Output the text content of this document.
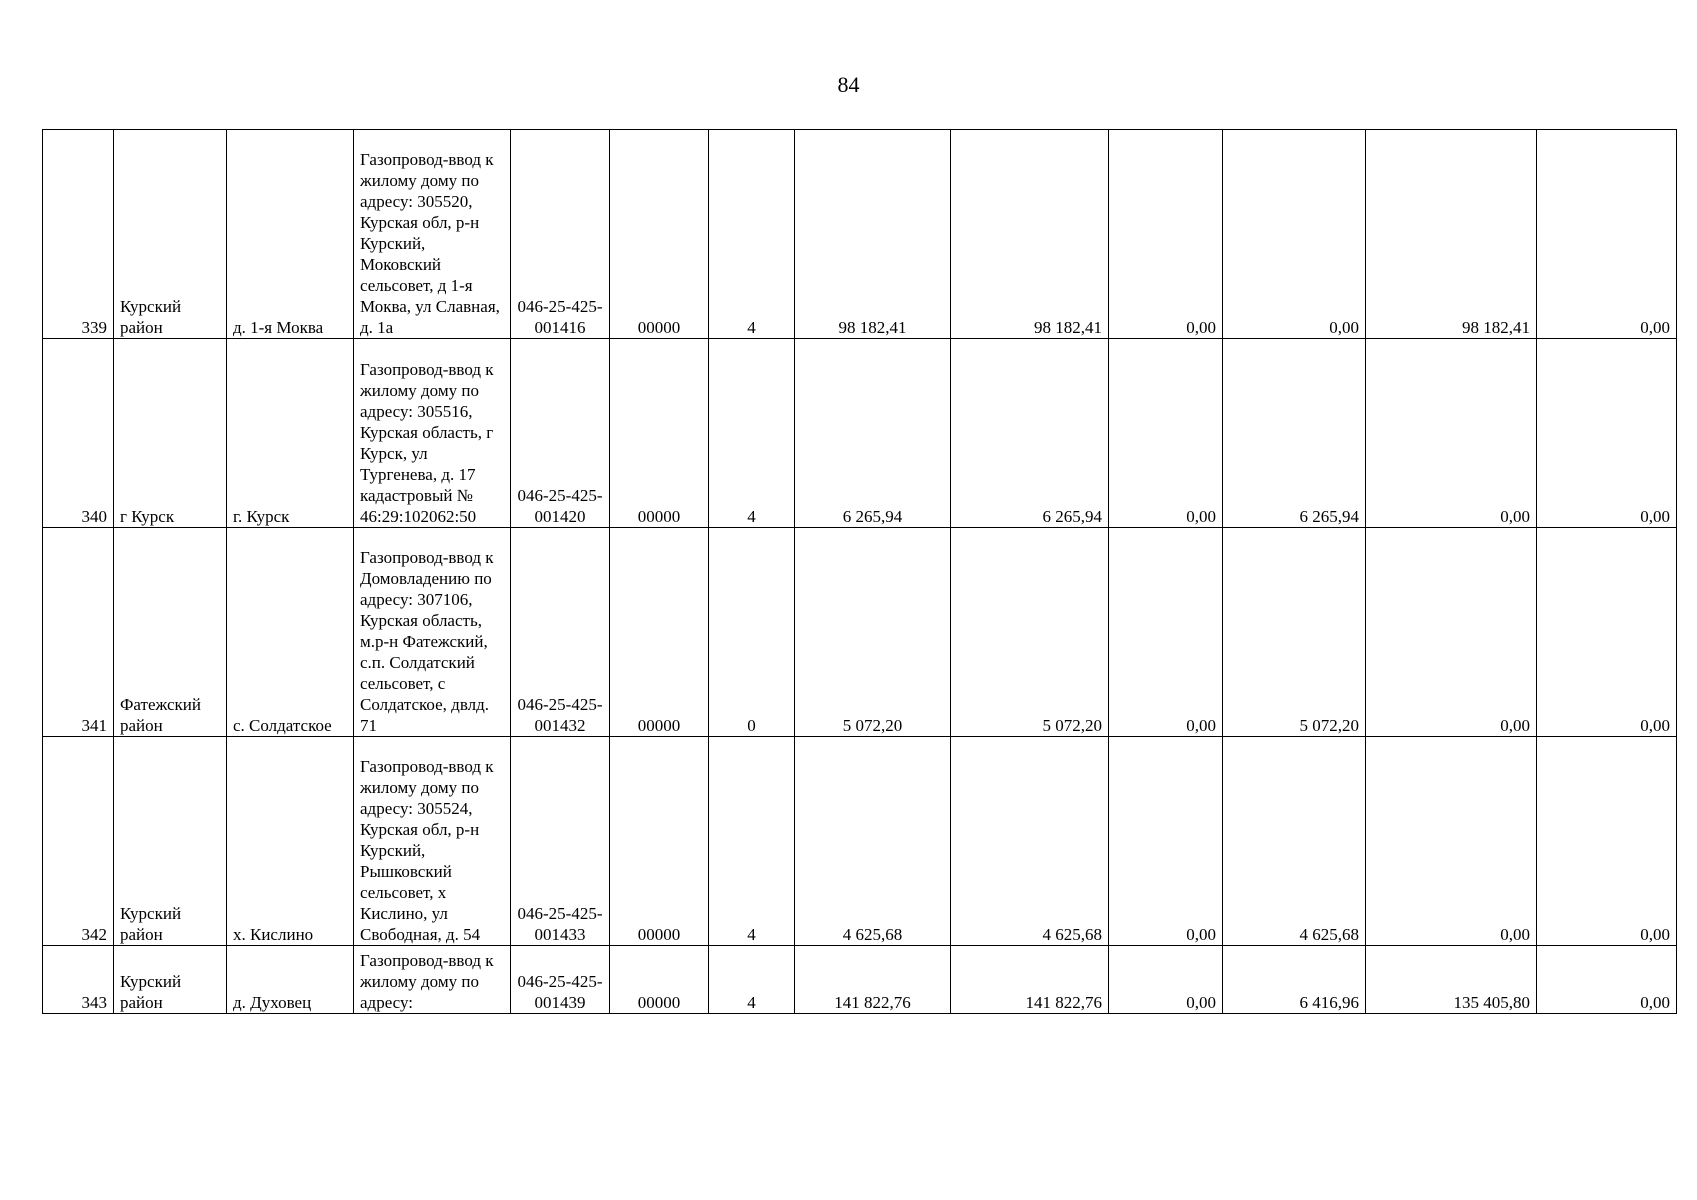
84
339	Курский район	д. 1-я Моква	Газопровод-ввод к жилому дому по адресу: 305520, Курская обл, р-н Курский, Моковский сельсовет, д 1-я Моква, ул Славная, д. 1а	046-25-425-001416	00000	4	98 182,41	98 182,41	0,00	0,00	98 182,41	0,00
340	г Курск	г. Курск	Газопровод-ввод к жилому дому по адресу: 305516, Курская область, г Курск, ул Тургенева, д. 17 кадастровый № 46:29:102062:50	046-25-425-001420	00000	4	6 265,94	6 265,94	0,00	6 265,94	0,00	0,00
341	Фатежский район	с. Солдатское	Газопровод-ввод к Домовладению по адресу: 307106, Курская область, м.р-н Фатежский, с.п. Солдатский сельсовет, с Солдатское, двлд. 71	046-25-425-001432	00000	0	5 072,20	5 072,20	0,00	5 072,20	0,00	0,00
342	Курский район	х. Кислино	Газопровод-ввод к жилому дому по адресу: 305524, Курская обл, р-н Курский, Рышковский сельсовет, х Кислино, ул Свободная, д. 54	046-25-425-001433	00000	4	4 625,68	4 625,68	0,00	4 625,68	0,00	0,00
343	Курский район	д. Духовец	Газопровод-ввод к жилому дому по адресу:	046-25-425-001439	00000	4	141 822,76	141 822,76	0,00	6 416,96	135 405,80	0,00
